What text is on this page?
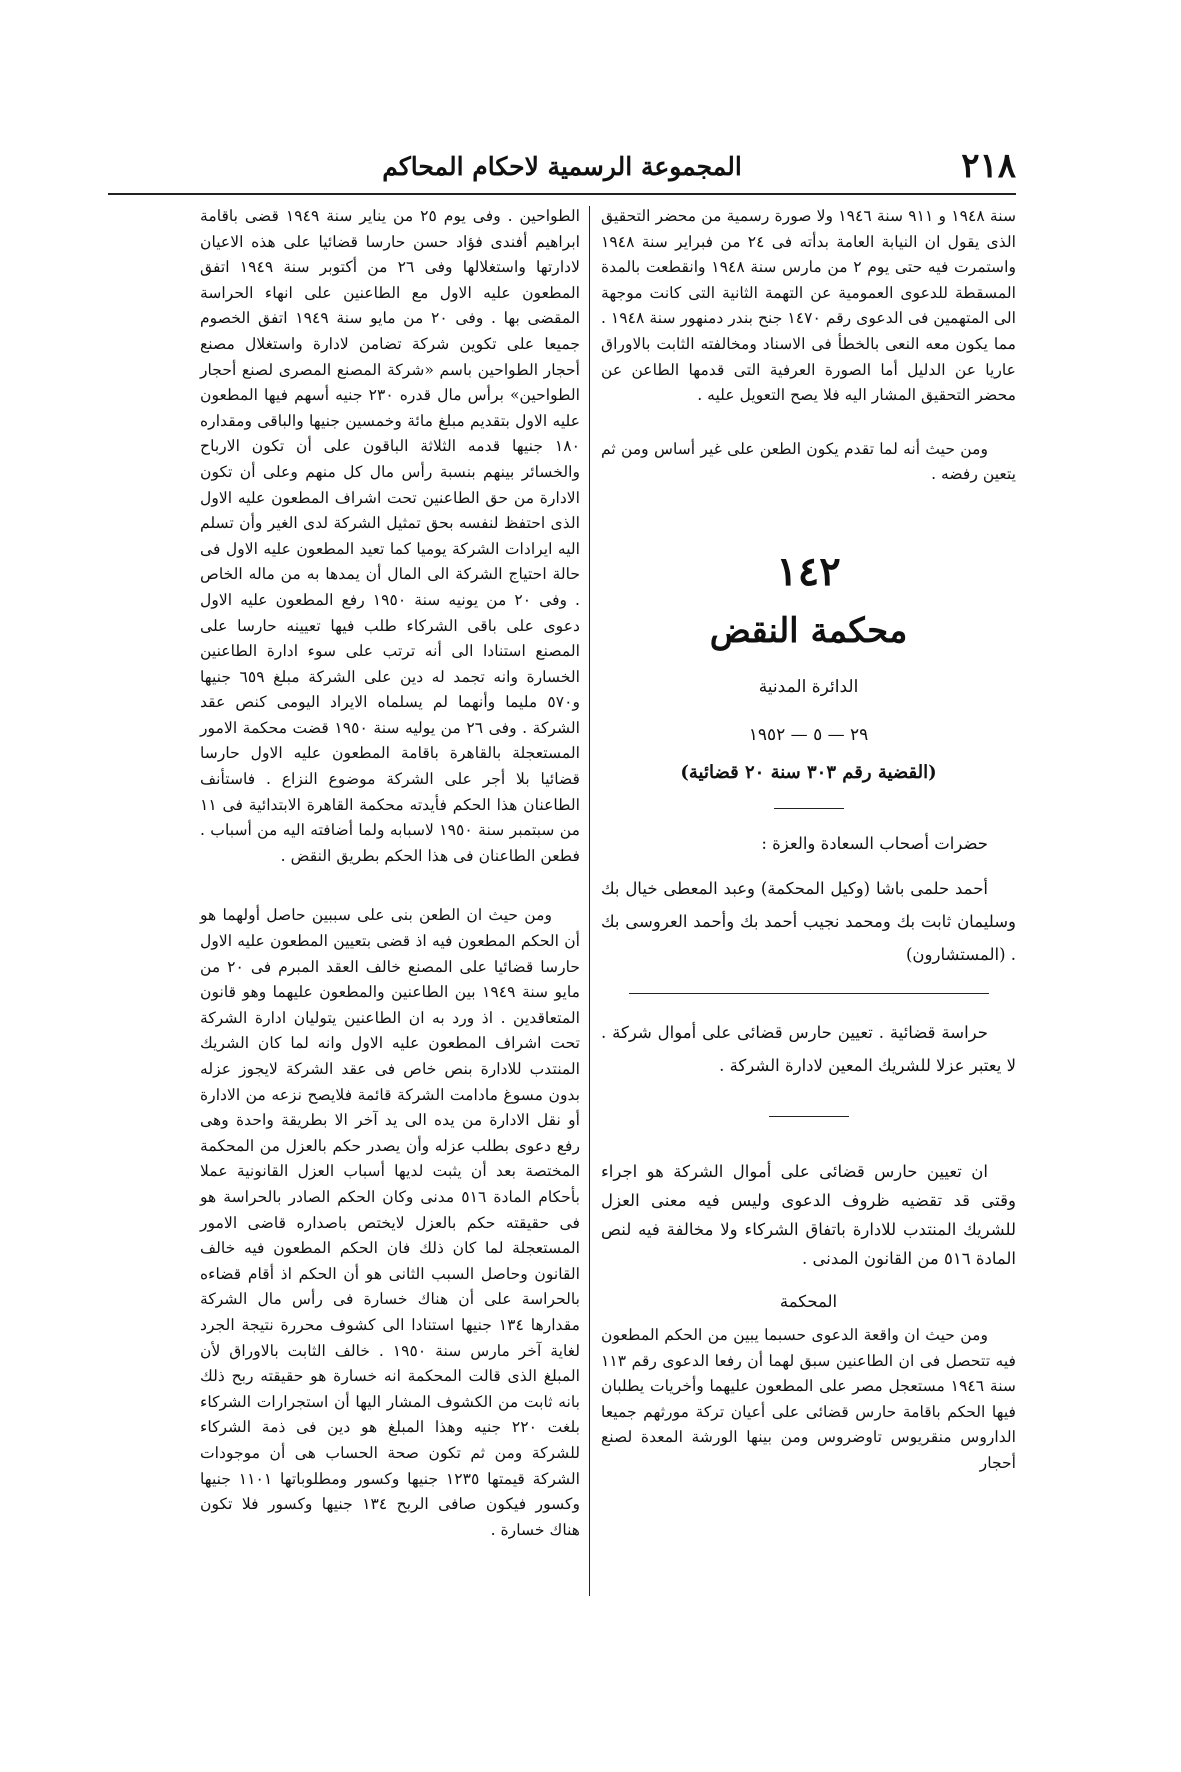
٢١٨
المجموعة الرسمية لاحكام المحاكم

سنة ١٩٤٨ و ٩١١ سنة ١٩٤٦ ولا صورة رسمية من محضر التحقيق الذى يقول ان النيابة العامة بدأته فى ٢٤ من فبراير سنة ١٩٤٨ واستمرت فيه حتى يوم ٢ من مارس سنة ١٩٤٨ وانقطعت بالمدة المسقطة للدعوى العمومية عن التهمة الثانية التى كانت موجهة الى المتهمين فى الدعوى رقم ١٤٧٠ جنح بندر دمنهور سنة ١٩٤٨ . مما يكون معه النعى بالخطأ فى الاسناد ومخالفته الثابت بالاوراق عاريا عن الدليل أما الصورة العرفية التى قدمها الطاعن عن محضر التحقيق المشار اليه فلا يصح التعويل عليه .

ومن حيث أنه لما تقدم يكون الطعن على غير أساس ومن ثم يتعين رفضه .

١٤٢
محكمة النقض
الدائرة المدنية
٢٩ — ٥ — ١٩٥٢
(القضية رقم ٣٠٣ سنة ٢٠ قضائية)

حضرات أصحاب السعادة والعزة :

أحمد حلمى باشا (وكيل المحكمة) وعبد المعطى خيال بك وسليمان ثابت بك ومحمد نجيب أحمد بك وأحمد العروسى بك . (المستشارون)

حراسة قضائية . تعيين حارس قضائى على أموال شركة . لا يعتبر عزلا للشريك المعين لادارة الشركة .

ان تعيين حارس قضائى على أموال الشركة هو اجراء وقتى قد تقضيه ظروف الدعوى وليس فيه معنى العزل للشريك المنتدب للادارة باتفاق الشركاء ولا مخالفة فيه لنص المادة ٥١٦ من القانون المدنى .

المحكمة

ومن حيث ان واقعة الدعوى حسبما يبين من الحكم المطعون فيه تتحصل فى ان الطاعنين سبق لهما أن رفعا الدعوى رقم ١١٣ سنة ١٩٤٦ مستعجل مصر على المطعون عليهما وأخريات يطلبان فيها الحكم باقامة حارس قضائى على أعيان تركة مورثهم جميعا الداروس منقريوس تاوضروس ومن بينها الورشة المعدة لصنع أحجار

الطواحين . وفى يوم ٢٥ من يناير سنة ١٩٤٩ قضى باقامة ابراهيم أفندى فؤاد حسن حارسا قضائيا على هذه الاعيان لادارتها واستغلالها وفى ٢٦ من أكتوبر سنة ١٩٤٩ اتفق المطعون عليه الاول مع الطاعنين على انهاء الحراسة المقضى بها . وفى ٢٠ من مايو سنة ١٩٤٩ اتفق الخصوم جميعا على تكوين شركة تضامن لادارة واستغلال مصنع أحجار الطواحين باسم «شركة المصنع المصرى لصنع أحجار الطواحين» برأس مال قدره ٢٣٠ جنيه أسهم فيها المطعون عليه الاول بتقديم مبلغ مائة وخمسين جنيها والباقى ومقداره ١٨٠ جنيها قدمه الثلاثة الباقون على أن تكون الارباح والخسائر بينهم بنسبة رأس مال كل منهم وعلى أن تكون الادارة من حق الطاعنين تحت اشراف المطعون عليه الاول الذى احتفظ لنفسه بحق تمثيل الشركة لدى الغير وأن تسلم اليه ايرادات الشركة يوميا كما تعيد المطعون عليه الاول فى حالة احتياج الشركة الى المال أن يمدها به من ماله الخاص . وفى ٢٠ من يونيه سنة ١٩٥٠ رفع المطعون عليه الاول دعوى على باقى الشركاء طلب فيها تعيينه حارسا على المصنع استنادا الى أنه ترتب على سوء ادارة الطاعنين الخسارة وانه تجمد له دين على الشركة مبلغ ٦٥٩ جنيها و٥٧٠ مليما وأنهما لم يسلماه الايراد اليومى كنص عقد الشركة . وفى ٢٦ من يوليه سنة ١٩٥٠ قضت محكمة الامور المستعجلة بالقاهرة باقامة المطعون عليه الاول حارسا قضائيا بلا أجر على الشركة موضوع النزاع . فاستأنف الطاعنان هذا الحكم فأيدته محكمة القاهرة الابتدائية فى ١١ من سبتمبر سنة ١٩٥٠ لاسبابه ولما أضافته اليه من أسباب . فطعن الطاعنان فى هذا الحكم بطريق النقض .

ومن حيث ان الطعن بنى على سببين حاصل أولهما هو أن الحكم المطعون فيه اذ قضى بتعيين المطعون عليه الاول حارسا قضائيا على المصنع خالف العقد المبرم فى ٢٠ من مايو سنة ١٩٤٩ بين الطاعنين والمطعون عليهما وهو قانون المتعاقدين . اذ ورد به ان الطاعنين يتوليان ادارة الشركة تحت اشراف المطعون عليه الاول وانه لما كان الشريك المنتدب للادارة بنص خاص فى عقد الشركة لايجوز عزله بدون مسوغ مادامت الشركة قائمة فلايصح نزعه من الادارة أو نقل الادارة من يده الى يد آخر الا بطريقة واحدة وهى رفع دعوى بطلب عزله وأن يصدر حكم بالعزل من المحكمة المختصة بعد أن يثبت لديها أسباب العزل القانونية عملا بأحكام المادة ٥١٦ مدنى وكان الحكم الصادر بالحراسة هو فى حقيقته حكم بالعزل لايختص باصداره قاضى الامور المستعجلة لما كان ذلك فان الحكم المطعون فيه خالف القانون وحاصل السبب الثانى هو أن الحكم اذ أقام قضاءه بالحراسة على أن هناك خسارة فى رأس مال الشركة مقدارها ١٣٤ جنيها استنادا الى كشوف محررة نتيجة الجرد لغاية آخر مارس سنة ١٩٥٠ . خالف الثابت بالاوراق لأن المبلغ الذى قالت المحكمة انه خسارة هو حقيقته ربح ذلك بانه ثابت من الكشوف المشار اليها أن استجرارات الشركاء بلغت ٢٢٠ جنيه وهذا المبلغ هو دين فى ذمة الشركاء للشركة ومن ثم تكون صحة الحساب هى أن موجودات الشركة قيمتها ١٢٣٥ جنيها وكسور ومطلوباتها ١١٠١ جنيها وكسور فيكون صافى الربح ١٣٤ جنيها وكسور فلا تكون هناك خسارة .
